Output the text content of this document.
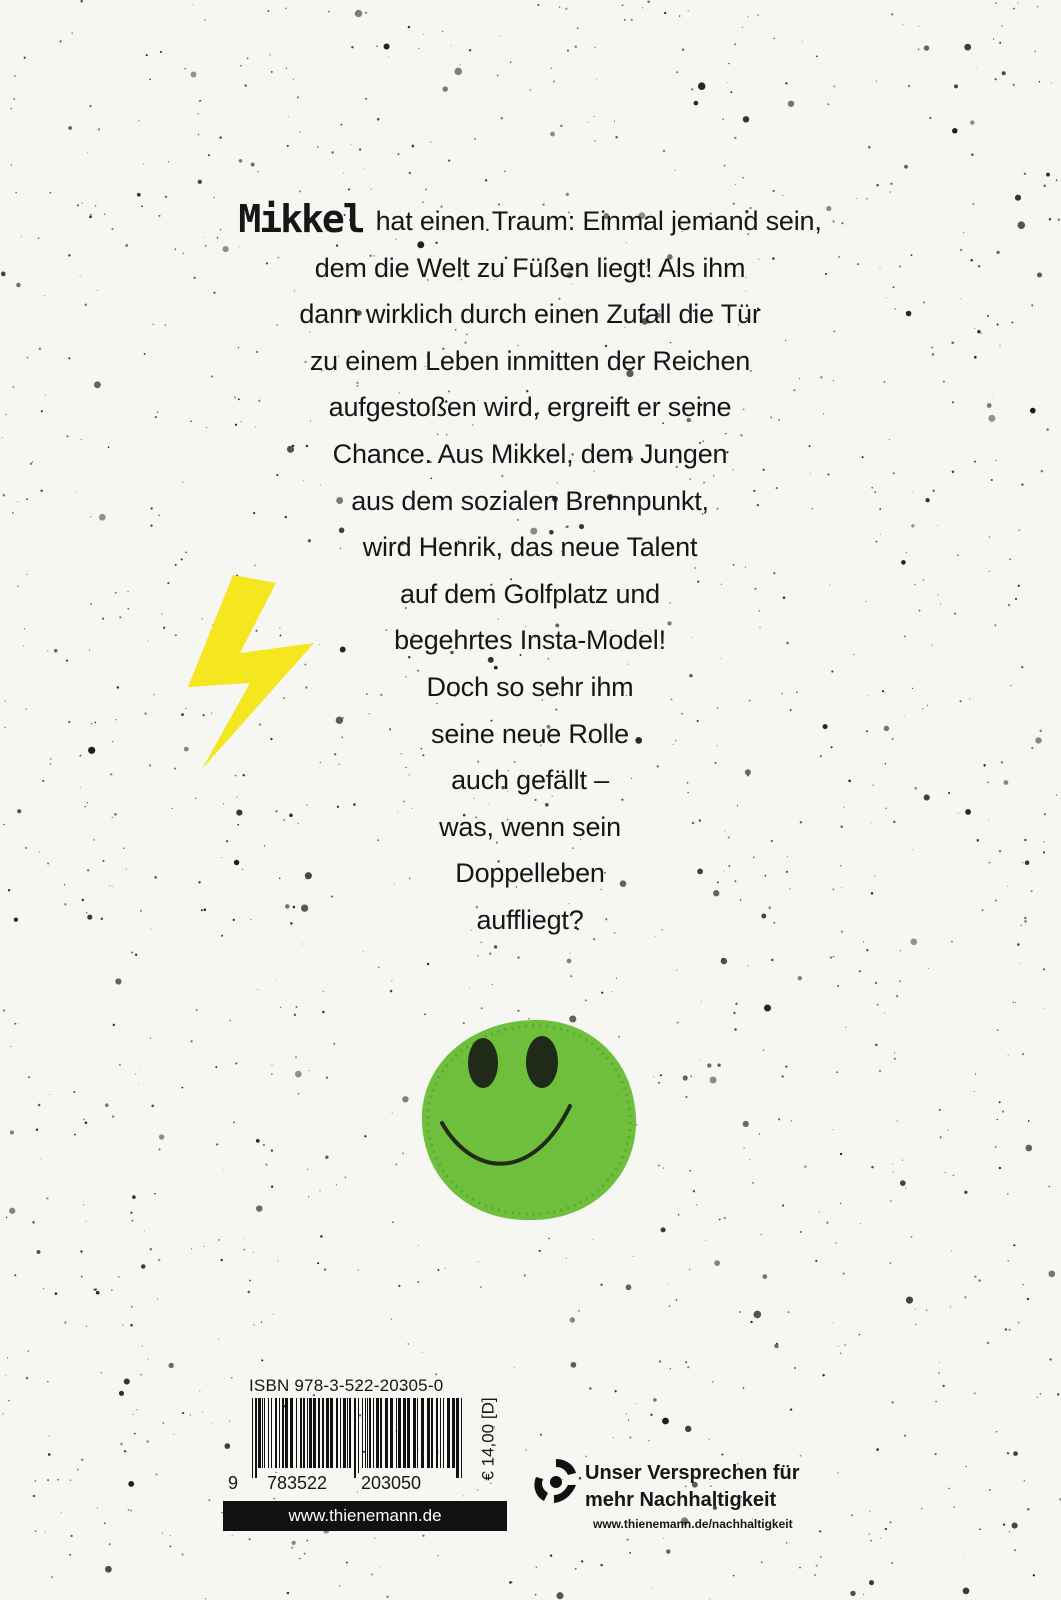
Mikkel hat einen Traum: Einmal jemand sein,
dem die Welt zu Füßen liegt! Als ihm
dann wirklich durch einen Zufall die Tür
zu einem Leben inmitten der Reichen
aufgestoßen wird, ergreift er seine
Chance. Aus Mikkel, dem Jungen
aus dem sozialen Brennpunkt,
wird Henrik, das neue Talent
auf dem Golfplatz und
begehrtes Insta-Model!
Doch so sehr ihm
seine neue Rolle
auch gefällt –
was, wenn sein
Doppelleben
auffliegt?
ISBN 978-3-522-20305-0
9 783522 203050
€ 14,00 [D]
www.thienemann.de
Unser Versprechen für
mehr Nachhaltigkeit
www.thienemann.de/nachhaltigkeit
